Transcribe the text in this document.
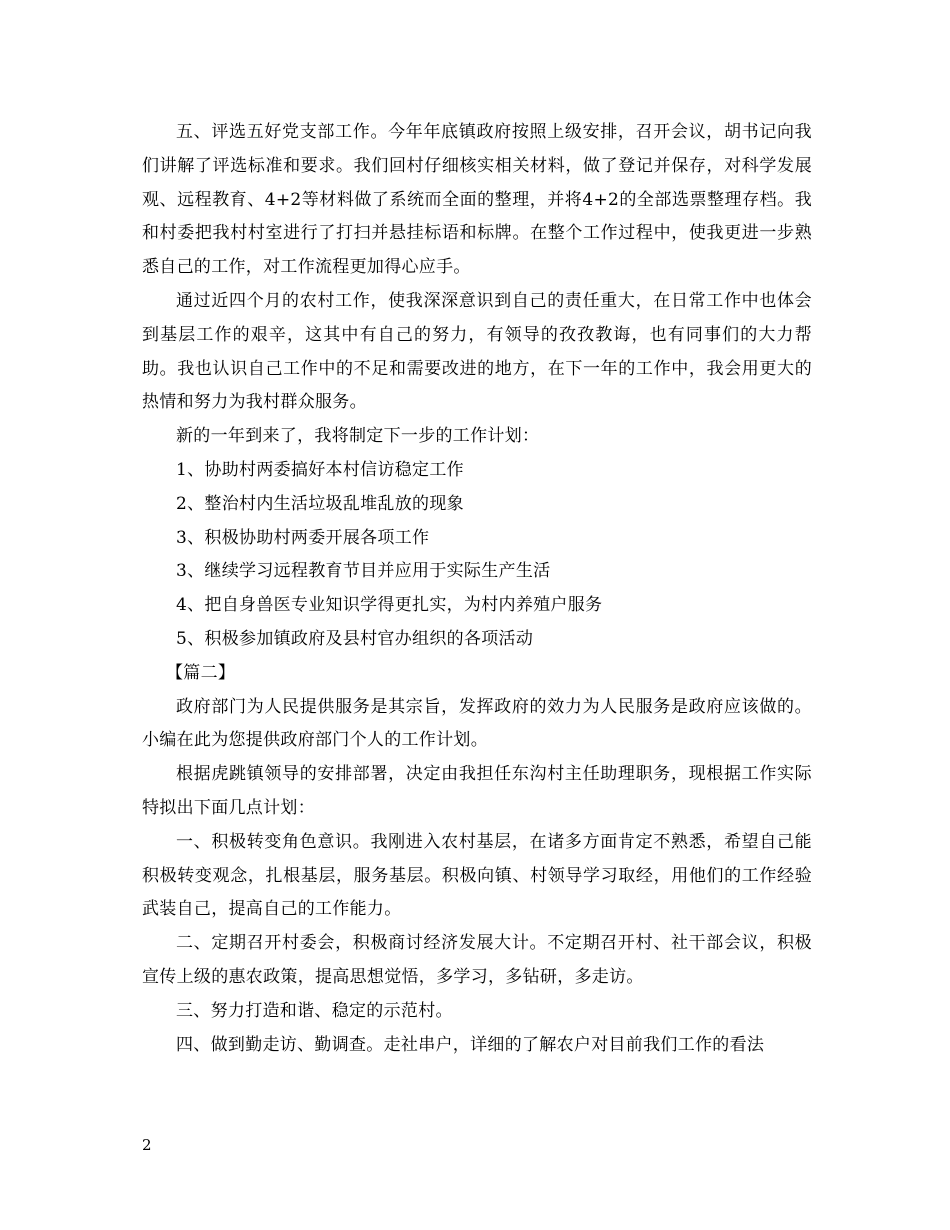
五、评选五好党支部工作。今年年底镇政府按照上级安排，召开会议，胡书记向我们讲解了评选标准和要求。我们回村仔细核实相关材料，做了登记并保存，对科学发展观、远程教育、4+2等材料做了系统而全面的整理，并将4+2的全部选票整理存档。我和村委把我村村室进行了打扫并悬挂标语和标牌。在整个工作过程中，使我更进一步熟悉自己的工作，对工作流程更加得心应手。

通过近四个月的农村工作，使我深深意识到自己的责任重大，在日常工作中也体会到基层工作的艰辛，这其中有自己的努力，有领导的孜孜教诲，也有同事们的大力帮助。我也认识自己工作中的不足和需要改进的地方，在下一年的工作中，我会用更大的热情和努力为我村群众服务。

新的一年到来了，我将制定下一步的工作计划：

1、协助村两委搞好本村信访稳定工作

2、整治村内生活垃圾乱堆乱放的现象

3、积极协助村两委开展各项工作

3、继续学习远程教育节目并应用于实际生产生活

4、把自身兽医专业知识学得更扎实，为村内养殖户服务

5、积极参加镇政府及县村官办组织的各项活动

【篇二】

政府部门为人民提供服务是其宗旨，发挥政府的效力为人民服务是政府应该做的。小编在此为您提供政府部门个人的工作计划。

根据虎跳镇领导的安排部署，决定由我担任东沟村主任助理职务，现根据工作实际特拟出下面几点计划：

一、积极转变角色意识。我刚进入农村基层，在诸多方面肯定不熟悉，希望自己能积极转变观念，扎根基层，服务基层。积极向镇、村领导学习取经，用他们的工作经验武装自己，提高自己的工作能力。

二、定期召开村委会，积极商讨经济发展大计。不定期召开村、社干部会议，积极宣传上级的惠农政策，提高思想觉悟，多学习，多钻研，多走访。

三、努力打造和谐、稳定的示范村。

四、做到勤走访、勤调查。走社串户，详细的了解农户对目前我们工作的看法

2
